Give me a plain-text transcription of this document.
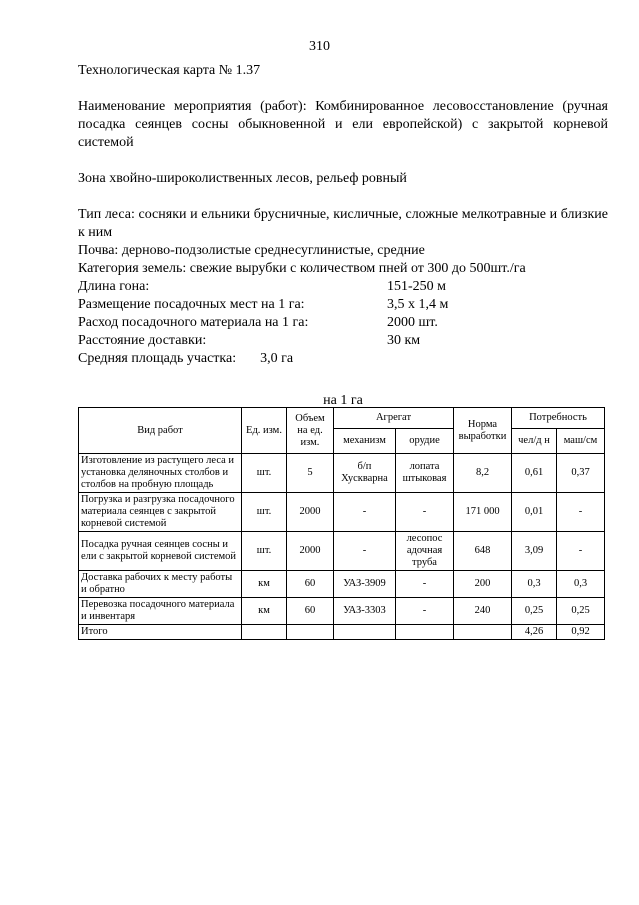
310

Технологическая карта № 1.37

Наименование мероприятия (работ): Комбинированное лесовосстановление (ручная посадка сеянцев сосны обыкновенной и ели европейской) с закрытой корневой системой

Зона хвойно-широколиственных лесов, рельеф ровный

Тип леса: сосняки и ельники брусничные, кисличные, сложные мелкотравные и близкие к ним

Почва: дерново-подзолистые среднесуглинистые, средние

Категория земель: свежие вырубки с количеством пней от 300 до 500шт./га

Длина гона:	151-250 м
Размещение посадочных мест на 1 га:	3,5 х 1,4 м
Расход посадочного материала на 1 га:	2000 шт.
Расстояние доставки:	30 км
Средняя площадь участка: 3,0 га
на 1 га
Вид работ	Ед. изм.	Объем на ед. изм.	Агрегат		Норма выработки	Потребность	
			механизм	орудие		чел/д н	маш/см
Изготовление из растущего леса и установка деляночных столбов и столбов на пробную площадь	шт.	5	б/п Хускварна	лопата штыковая	8,2	0,61	0,37
Погрузка и разгрузка посадочного материала сеянцев с закрытой корневой системой	шт.	2000	-	-	171 000	0,01	-
Посадка ручная сеянцев сосны и ели с закрытой корневой системой	шт.	2000	-	лесопос адочная труба	648	3,09	-
Доставка рабочих к месту работы и обратно	км	60	УАЗ-3909	-	200	0,3	0,3
Перевозка посадочного материала и инвентаря	км	60	УАЗ-3303	-	240	0,25	0,25
Итого						4,26	0,92
